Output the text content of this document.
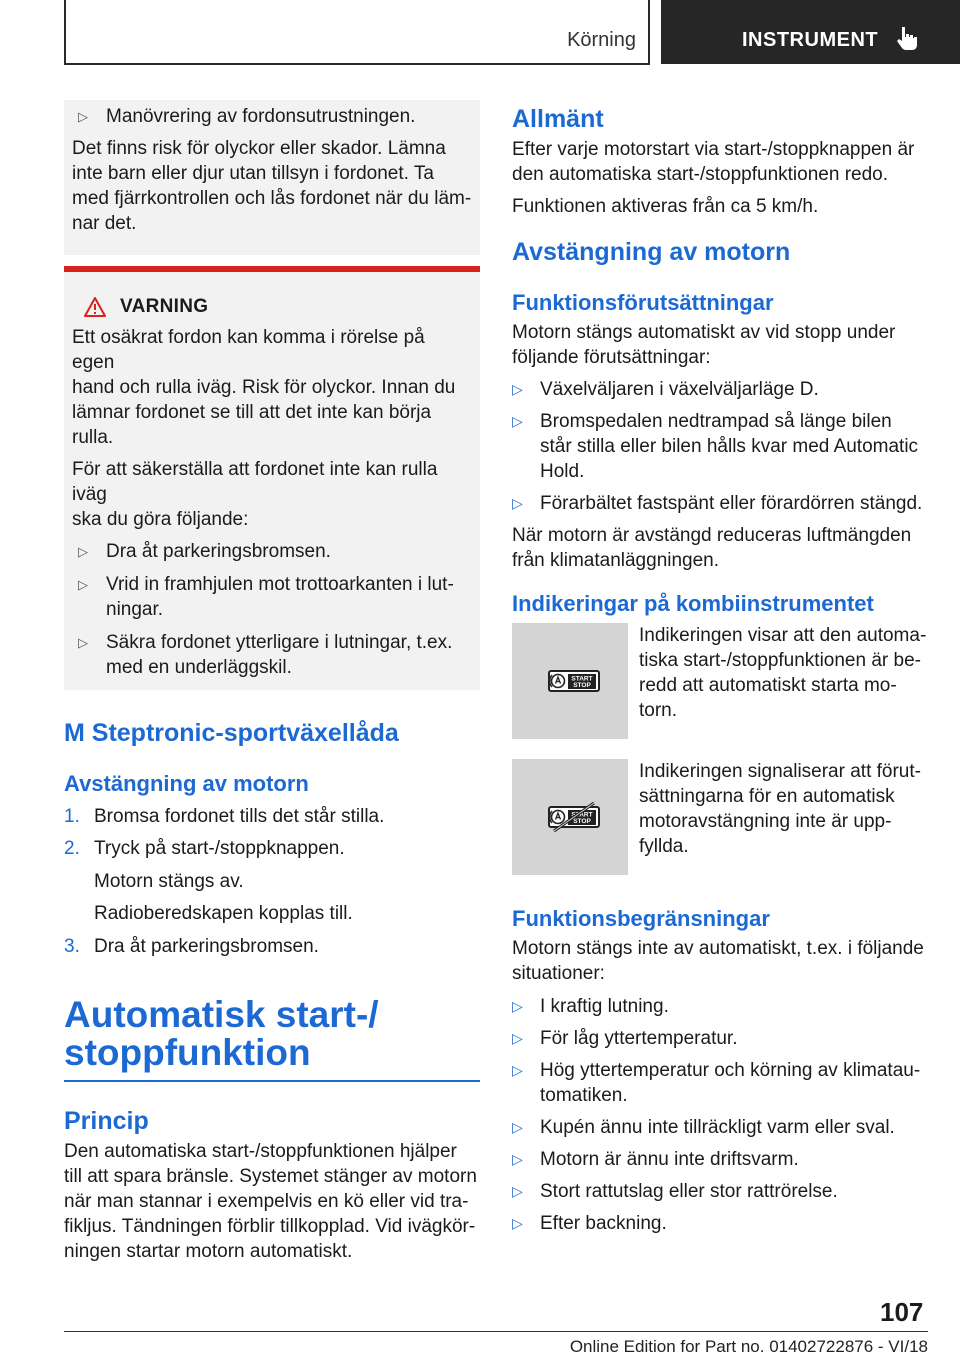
Körning	INSTRUMENT
▷ Manövrering av fordonsutrustningen.
Det finns risk för olyckor eller skador. Lämna
inte barn eller djur utan tillsyn i fordonet. Ta
med fjärrkontrollen och lås fordonet när du läm-
nar det.
VARNING
Ett osäkrat fordon kan komma i rörelse på egen
hand och rulla iväg. Risk för olyckor. Innan du
lämnar fordonet se till att det inte kan börja
rulla.
För att säkerställa att fordonet inte kan rulla iväg
ska du göra följande:
▷ Dra åt parkeringsbromsen.
▷ Vrid in framhjulen mot trottoarkanten i lut-
ningar.
▷ Säkra fordonet ytterligare i lutningar, t.ex.
med en underläggskil.
M Steptronic-sportväxellåda
Avstängning av motorn
1. Bromsa fordonet tills det står stilla.
2. Tryck på start-/stoppknappen.
Motorn stängs av.
Radioberedskapen kopplas till.
3. Dra åt parkeringsbromsen.
Automatisk start-/
stoppfunktion
Princip
Den automatiska start-/stoppfunktionen hjälper
till att spara bränsle. Systemet stänger av motorn
när man stannar i exempelvis en kö eller vid tra-
fikljus. Tändningen förblir tillkopplad. Vid ivägkör-
ningen startar motorn automatiskt.
Allmänt
Efter varje motorstart via start-/stoppknappen är
den automatiska start-/stoppfunktionen redo.
Funktionen aktiveras från ca 5 km/h.
Avstängning av motorn
Funktionsförutsättningar
Motorn stängs automatiskt av vid stopp under
följande förutsättningar:
▷ Växelväljaren i växelväljarläge D.
▷ Bromspedalen nedtrampad så länge bilen
står stilla eller bilen hålls kvar med Automatic
Hold.
▷ Förarbältet fastspänt eller förardörren stängd.
När motorn är avstängd reduceras luftmängden
från klimatanläggningen.
Indikeringar på kombiinstrumentet
START
STOP
Indikeringen visar att den automa-
tiska start-/stoppfunktionen är be-
redd att automatiskt starta mo-
torn.
START
STOP
Indikeringen signaliserar att förut-
sättningarna för en automatisk
motoravstängning inte är upp-
fyllda.
Funktionsbegränsningar
Motorn stängs inte av automatiskt, t.ex. i följande
situationer:
▷ I kraftig lutning.
▷ För låg yttertemperatur.
▷ Hög yttertemperatur och körning av klimatau-
tomatiken.
▷ Kupén ännu inte tillräckligt varm eller sval.
▷ Motorn är ännu inte driftsvarm.
▷ Stort rattutslag eller stor rattrörelse.
▷ Efter backning.
107
Online Edition for Part no. 01402722876 - VI/18
